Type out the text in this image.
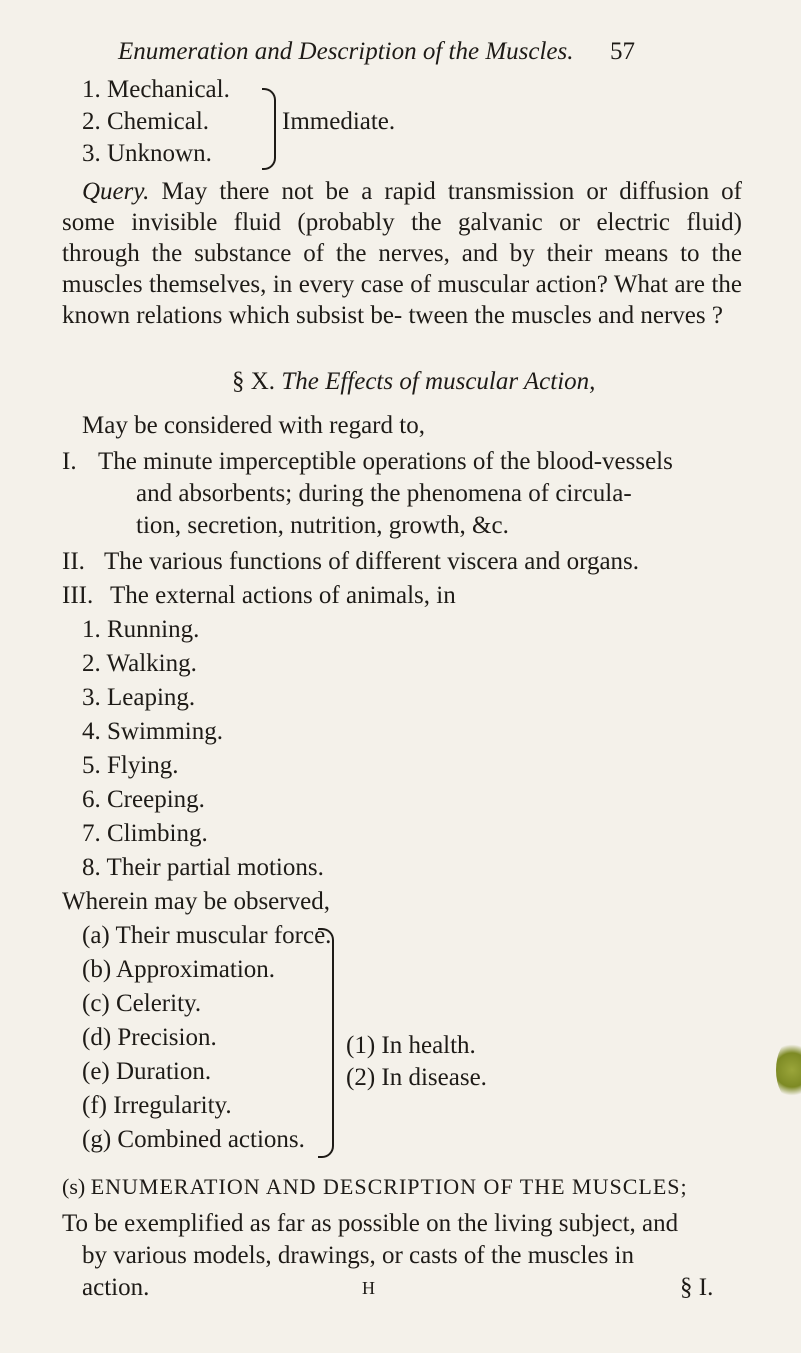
Enumeration and Description of the Muscles. 57
1. Mechanical.
2. Chemical.
3. Unknown.
Immediate.
Query. May there not be a rapid transmission or diffusion of some invisible fluid (probably the galvanic or electric fluid) through the substance of the nerves, and by their means to the muscles themselves, in every case of muscular action? What are the known relations which subsist be- tween the muscles and nerves ?
§ X. The Effects of muscular Action,
May be considered with regard to,
I. The minute imperceptible operations of the blood-vessels
and absorbents; during the phenomena of circula-
tion, secretion, nutrition, growth, &c.
II. The various functions of different viscera and organs.
III. The external actions of animals, in
1. Running.
2. Walking.
3. Leaping.
4. Swimming.
5. Flying.
6. Creeping.
7. Climbing.
8. Their partial motions.
Wherein may be observed,
(a) Their muscular force.
(b) Approximation.
(c) Celerity.
(d) Precision.
(e) Duration.
(f) Irregularity.
(g) Combined actions.
(1) In health.
(2) In disease.
(s) ENUMERATION AND DESCRIPTION OF THE MUSCLES;
To be exemplified as far as possible on the living subject, and
by various models, drawings, or casts of the muscles in
action.	H	§ I.
